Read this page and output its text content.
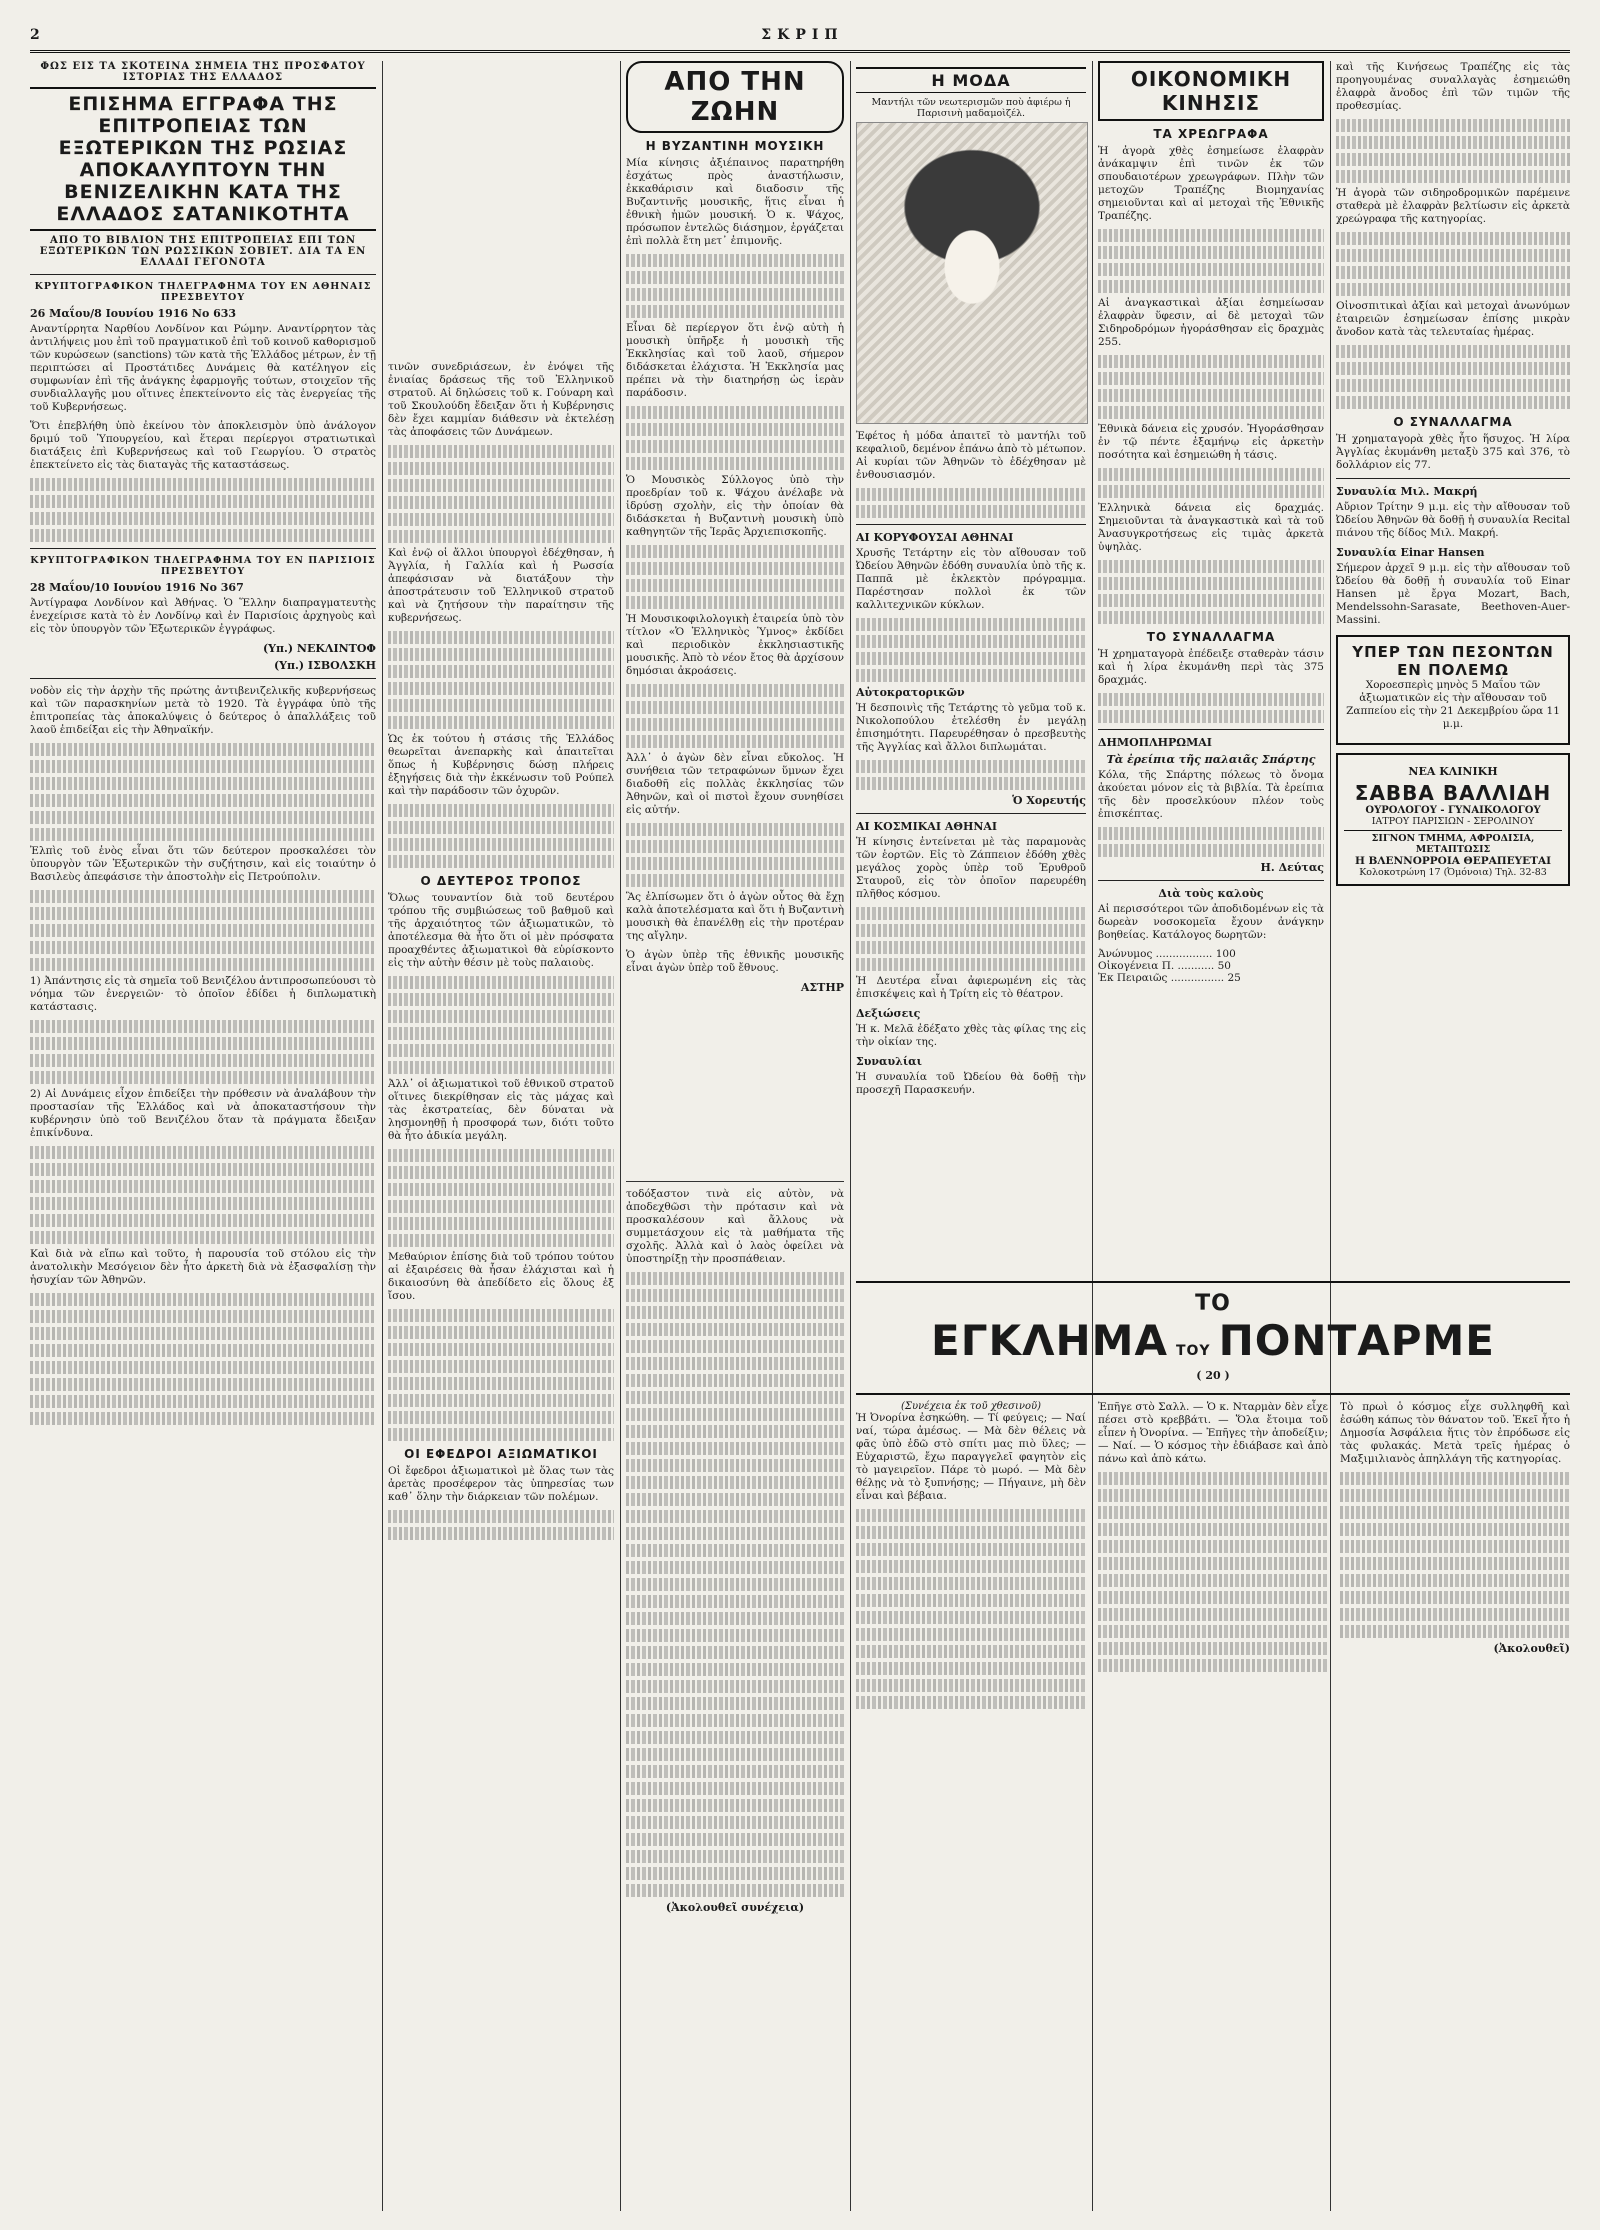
2	ΣΚΡΙΠ

ΦΩΣ ΕΙΣ ΤΑ ΣΚΟΤΕΙΝΑ ΣΗΜΕΙΑ ΤΗΣ ΠΡΟΣΦΑΤΟΥ ΙΣΤΟΡΙΑΣ ΤΗΣ ΕΛΛΑΔΟΣ
ΕΠΙΣΗΜΑ ΕΓΓΡΑΦΑ ΤΗΣ ΕΠΙΤΡΟΠΕΙΑΣ ΤΩΝ ΕΞΩΤΕΡΙΚΩΝ ΤΗΣ ΡΩΣΙΑΣ ΑΠΟΚΑΛΥΠΤΟΥΝ ΤΗΝ ΒΕΝΙΖΕΛΙΚΗΝ ΚΑΤΑ ΤΗΣ ΕΛΛΑΔΟΣ ΣΑΤΑΝΙΚΟΤΗΤΑ
ΑΠΟ ΤΟ ΒΙΒΛΙΟΝ ΤΗΣ ΕΠΙΤΡΟΠΕΙΑΣ ΕΠΙ ΤΩΝ ΕΞΩΤΕΡΙΚΩΝ ΤΩΝ ΡΩΣΣΙΚΩΝ ΣΟΒΙΕΤ. ΔΙΑ ΤΑ ΕΝ ΕΛΛΑΔΙ ΓΕΓΟΝΟΤΑ
ΚΡΥΠΤΟΓΡΑΦΙΚΟΝ ΤΗΛΕΓΡΑΦΗΜΑ ΤΟΥ ΕΝ ΑΘΗΝΑΙΣ ΠΡΕΣΒΕΥΤΟΥ
26 Μαΐου/8 Ιουνίου 1916 Νο 633

Αναντίρρητα Ναρθίου Λονδίνον και Ρώμην. Αναντίρρητον τὰς ἀντιλήψεις μου ἐπὶ τοῦ πραγματικοῦ ἐπὶ τοῦ κοινοῦ καθορισμοῦ τῶν κυρώσεων (sanctions) τῶν κατὰ τῆς Ἑλλάδος μέτρων, ἐν τῇ περιπτώσει αἱ Προστάτιδες Δυνάμεις θὰ κατέληγον εἰς συμφωνίαν ἐπὶ τῆς ἀνάγκης ἐφαρμογῆς τούτων, στοιχεῖον τῆς συνδιαλλαγῆς μου οἵτινες ἐπεκτείνοντο εἰς τὰς ἐνεργείας τῆς τοῦ Κυβερνήσεως.

Ὅτι ἐπεβλήθη ὑπὸ ἐκείνου τὸν ἀποκλεισμὸν ὑπὸ ἀνάλογον δριμύ τοῦ Ὑπουργείου, καὶ ἕτεραι περίεργοι στρατιωτικαὶ διατάξεις ἐπὶ Κυβερνήσεως καὶ τοῦ Γεωργίου. Ὁ στρατὸς ἐπεκτείνετο εἰς τὰς διαταγὰς τῆς καταστάσεως.

ΚΡΥΠΤΟΓΡΑΦΙΚΟΝ ΤΗΛΕΓΡΑΦΗΜΑ ΤΟΥ ΕΝ ΠΑΡΙΣΙΟΙΣ ΠΡΕΣΒΕΥΤΟΥ
28 Μαΐου/10 Ιουνίου 1916 Νο 367

Ἀντίγραφα Λονδίνον καὶ Ἀθήνας. Ὁ Ἕλλην διαπραγματευτὴς ἐνεχείρισε κατὰ τὸ ἐν Λονδίνῳ καὶ ἐν Παρισίοις ἀρχηγοὺς καὶ εἰς τὸν ὑπουργὸν τῶν Ἐξωτερικῶν ἐγγράφως.

(Υπ.) ΝΕΚΛΙΝΤΟΦ
(Υπ.) ΙΣΒΟΛΣΚΗ

νοδὸν εἰς τὴν ἀρχὴν τῆς πρώτης ἀντιβενιζελικῆς κυβερνήσεως καὶ τῶν παρασκηνίων μετὰ τὸ 1920. Τὰ ἐγγράφα ὑπὸ τῆς ἐπιτροπείας τὰς ἀποκαλύψεις ὁ δεύτερος ὁ ἀπαλλάξεις τοῦ λαοῦ ἐπιδείξαι εἰς τὴν Ἀθηναϊκήν.

Ἐλπὶς τοῦ ἑνὸς εἶναι ὅτι τῶν δεύτερον προσκαλέσει τὸν ὑπουργὸν τῶν Ἐξωτερικῶν τὴν συζήτησιν, καὶ εἰς τοιαύτην ὁ Βασιλεὺς ἀπεφάσισε τὴν ἀποστολὴν εἰς Πετρούπολιν.

1) Ἀπάντησις εἰς τὰ σημεῖα τοῦ Βενιζέλου ἀντιπροσωπεύουσι τὸ νόημα τῶν ἐνεργειῶν· τὸ ὁποῖον ἐδίδει ἡ διπλωματικὴ κατάστασις.

2) Αἱ Δυνάμεις εἶχον ἐπιδείξει τὴν πρόθεσιν νὰ ἀναλάβουν τὴν προστασίαν τῆς Ἑλλάδος καὶ νὰ ἀποκαταστήσουν τὴν κυβέρνησιν ὑπὸ τοῦ Βενιζέλου ὅταν τὰ πράγματα ἔδειξαν ἐπικίνδυνα.

Καὶ διὰ νὰ εἴπω καὶ τοῦτο, ἡ παρουσία τοῦ στόλου εἰς τὴν ἀνατολικὴν Μεσόγειον δὲν ἦτο ἀρκετὴ διὰ νὰ ἐξασφαλίσῃ τὴν ἡσυχίαν τῶν Ἀθηνῶν.

τινῶν συνεδριάσεων, ἐν ἐνόψει τῆς ἐνιαίας δράσεως τῆς τοῦ Ἐλληνικοῦ στρατοῦ. Αἱ δηλώσεις τοῦ κ. Γούναρη καὶ τοῦ Σκουλούδη ἔδειξαν ὅτι ἡ Κυβέρνησις δὲν ἔχει καμμίαν διάθεσιν νὰ ἐκτελέσῃ τὰς ἀποφάσεις τῶν Δυνάμεων.

Καὶ ἐνῷ οἱ ἄλλοι ὑπουργοὶ ἐδέχθησαν, ἡ Ἀγγλία, ἡ Γαλλία καὶ ἡ Ρωσσία ἀπεφάσισαν νὰ διατάξουν τὴν ἀποστράτευσιν τοῦ Ἑλληνικοῦ στρατοῦ καὶ νὰ ζητήσουν τὴν παραίτησιν τῆς κυβερνήσεως.

Ὡς ἐκ τούτου ἡ στάσις τῆς Ἑλλάδος θεωρεῖται ἀνεπαρκὴς καὶ ἀπαιτεῖται ὅπως ἡ Κυβέρνησις δώσῃ πλήρεις ἐξηγήσεις διὰ τὴν ἐκκένωσιν τοῦ Ρούπελ καὶ τὴν παράδοσιν τῶν ὀχυρῶν.

Ο ΔΕΥΤΕΡΟΣ ΤΡΟΠΟΣ

Ὅλως τουναντίον διὰ τοῦ δευτέρου τρόπου τῆς συμβιώσεως τοῦ βαθμοῦ καὶ τῆς ἀρχαιότητος τῶν ἀξιωματικῶν, τὸ ἀποτέλεσμα θὰ ἦτο ὅτι οἱ μὲν πρόσφατα προαχθέντες ἀξιωματικοὶ θὰ εὑρίσκοντο εἰς τὴν αὐτὴν θέσιν μὲ τοὺς παλαιοὺς.

Ἀλλ᾽ οἱ ἀξιωματικοὶ τοῦ ἐθνικοῦ στρατοῦ οἵτινες διεκρίθησαν εἰς τὰς μάχας καὶ τὰς ἐκστρατείας, δὲν δύναται νὰ λησμονηθῇ ἡ προσφορά των, διότι τοῦτο θὰ ἦτο ἀδικία μεγάλη.

Μεθαύριον ἐπίσης διὰ τοῦ τρόπου τούτου αἱ ἐξαιρέσεις θὰ ἦσαν ἐλάχισται καὶ ἡ δικαιοσύνη θὰ ἀπεδίδετο εἰς ὅλους ἐξ ἴσου.

ΟΙ ΕΦΕΔΡΟΙ ΑΞΙΩΜΑΤΙΚΟΙ

Οἱ ἔφεδροι ἀξιωματικοὶ μὲ ὅλας των τὰς ἀρετὰς προσέφερον τὰς ὑπηρεσίας των καθ᾽ ὅλην τὴν διάρκειαν τῶν πολέμων.

ΑΠΟ ΤΗΝ ΖΩΗΝ
Η ΒΥΖΑΝΤΙΝΗ ΜΟΥΣΙΚΗ

Μία κίνησις ἀξιέπαινος παρατηρήθη ἐσχάτως πρὸς ἀναστήλωσιν, ἐκκαθάρισιν καὶ διαδοσιν τῆς Βυζαντινῆς μουσικῆς, ἥτις εἶναι ἡ ἐθνικὴ ἡμῶν μουσική. Ὁ κ. Ψάχος, πρόσωπον ἐντελῶς διάσημον, ἐργάζεται ἐπὶ πολλὰ ἔτη μετ᾽ ἐπιμονῆς.

Εἶναι δὲ περίεργον ὅτι ἐνῷ αὐτὴ ἡ μουσικὴ ὑπῆρξε ἡ μουσικὴ τῆς Ἐκκλησίας καὶ τοῦ λαοῦ, σήμερον διδάσκεται ἐλάχιστα. Ἡ Ἐκκλησία μας πρέπει νὰ τὴν διατηρήσῃ ὡς ἱερὰν παράδοσιν.

Ὁ Μουσικὸς Σύλλογος ὑπὸ τὴν προεδρίαν τοῦ κ. Ψάχου ἀνέλαβε νὰ ἱδρύσῃ σχολὴν, εἰς τὴν ὁποίαν θὰ διδάσκεται ἡ Βυζαντινὴ μουσικὴ ὑπὸ καθηγητῶν τῆς Ἱερᾶς Ἀρχιεπισκοπῆς.

Ἡ Μουσικοφιλολογικὴ ἐταιρεία ὑπὸ τὸν τίτλον «Ὁ Ἑλληνικὸς Ὑμνος» ἐκδίδει καὶ περιοδικὸν ἐκκλησιαστικῆς μουσικῆς. Ἀπὸ τὸ νέον ἔτος θὰ ἀρχίσουν δημόσιαι ἀκροάσεις.

Ἀλλ᾽ ὁ ἀγὼν δὲν εἶναι εὔκολος. Ἡ συνήθεια τῶν τετραφώνων ὕμνων ἔχει διαδοθῆ εἰς πολλὰς ἐκκλησίας τῶν Ἀθηνῶν, καὶ οἱ πιστοὶ ἔχουν συνηθίσει εἰς αὐτήν.

Ἃς ἐλπίσωμεν ὅτι ὁ ἀγὼν οὗτος θὰ ἔχῃ καλὰ ἀποτελέσματα καὶ ὅτι ἡ Βυζαντινὴ μουσικὴ θὰ ἐπανέλθῃ εἰς τὴν προτέραν της αἴγλην.

Ὁ ἀγὼν ὑπὲρ τῆς ἐθνικῆς μουσικῆς εἶναι ἀγὼν ὑπὲρ τοῦ ἔθνους.

ΑΣΤΗΡ

τοδόξαστον τινὰ εἰς αὐτὸν, νὰ ἀποδεχθῶσι τὴν πρότασιν καὶ νὰ προσκαλέσουν καὶ ἄλλους νὰ συμμετάσχουν εἰς τὰ μαθήματα τῆς σχολῆς. Ἀλλὰ καὶ ὁ λαὸς ὀφείλει νὰ ὑποστηρίξῃ τὴν προσπάθειαν.

(Ἀκολουθεῖ συνέχεια)
Η ΜΟΔΑ
Μαντήλι τῶν νεωτερισμῶν ποὺ ἀφιέρω ἡ Παρισινὴ μαδαμοὶζέλ.

Ἐφέτος ἡ μόδα ἀπαιτεῖ τὸ μαντήλι τοῦ κεφαλιοῦ, δεμένον ἐπάνω ἀπὸ τὸ μέτωπον. Αἱ κυρίαι τῶν Ἀθηνῶν τὸ ἐδέχθησαν μὲ ἐνθουσιασμόν.

ΑΙ ΚΟΡΥΦΟΥΣΑΙ ΑΘΗΝΑΙ

Χρυσῆς Τετάρτην εἰς τὸν αἴθουσαν τοῦ Ὠδείου Ἀθηνῶν ἐδόθη συναυλία ὑπὸ τῆς κ. Παππᾶ μὲ ἐκλεκτὸν πρόγραμμα. Παρέστησαν πολλοὶ ἐκ τῶν καλλιτεχνικῶν κύκλων.

Αὐτοκρατορικῶν

Ἡ δεσποινὶς τῆς Τετάρτης τὸ γεῦμα τοῦ κ. Νικολοπούλου ἐτελέσθη ἐν μεγάλῃ ἐπισημότητι. Παρευρέθησαν ὁ πρεσβευτὴς τῆς Ἀγγλίας καὶ ἄλλοι διπλωμάται.

Ὁ Χορευτής
ΑΙ ΚΟΣΜΙΚΑΙ ΑΘΗΝΑΙ

Ἡ κίνησις ἐντείνεται μὲ τὰς παραμονὰς τῶν ἑορτῶν. Εἰς τὸ Ζάππειον ἐδόθη χθὲς μεγάλος χορὸς ὑπὲρ τοῦ Ἐρυθροῦ Σταυροῦ, εἰς τὸν ὁποῖον παρευρέθη πλῆθος κόσμου.

Ἡ Δευτέρα εἶναι ἀφιερωμένη εἰς τὰς ἐπισκέψεις καὶ ἡ Τρίτη εἰς τὸ θέατρον.

Δεξιώσεις

Ἡ κ. Μελᾶ ἐδέξατο χθὲς τὰς φίλας της εἰς τὴν οἰκίαν της.

Συναυλίαι

Ἡ συναυλία τοῦ Ὠδείου θὰ δοθῇ τὴν προσεχῆ Παρασκευήν.

ΟΙΚΟΝΟΜΙΚΗ ΚΙΝΗΣΙΣ
ΤΑ ΧΡΕΩΓΡΑΦΑ

Ἡ ἀγορὰ χθὲς ἐσημείωσε ἐλαφρὰν ἀνάκαμψιν ἐπὶ τινῶν ἐκ τῶν σπουδαιοτέρων χρεωγράφων. Πλὴν τῶν μετοχῶν Τραπέζης Βιομηχανίας σημειοῦνται καὶ αἱ μετοχαὶ τῆς Ἐθνικῆς Τραπέζης.

Αἱ ἀναγκαστικαὶ ἀξίαι ἐσημείωσαν ἐλαφρὰν ὕφεσιν, αἱ δὲ μετοχαὶ τῶν Σιδηροδρόμων ἠγοράσθησαν εἰς δραχμὰς 255.

Ἐθνικὰ δάνεια εἰς χρυσόν. Ἠγοράσθησαν ἐν τῷ πέντε ἐξαμήνῳ εἰς ἀρκετὴν ποσότητα καὶ ἐσημειώθη ἡ τάσις.

Ἐλληνικὰ δάνεια εἰς δραχμάς. Σημειοῦνται τὰ ἀναγκαστικὰ καὶ τὰ τοῦ Ἀνασυγκροτήσεως εἰς τιμὰς ἀρκετὰ ὑψηλὰς.

ΤΟ ΣΥΝΑΛΛΑΓΜΑ

Ἡ χρηματαγορὰ ἐπέδειξε σταθερὰν τάσιν καὶ ἡ λίρα ἐκυμάνθη περὶ τὰς 375 δραχμάς.

ΔΗΜΟΠΛΗΡΩΜΑΙ
Τὰ ἐρείπια τῆς παλαιᾶς Σπάρτης

Κόλα, τῆς Σπάρτης πόλεως τὸ ὄνομα ἀκούεται μόνον εἰς τὰ βιβλία. Τὰ ἐρείπια τῆς δὲν προσελκύουν πλέον τοὺς ἐπισκέπτας.

Η. Δεύτας
Διὰ τοὺς καλοὺς

Αἱ περισσότεροι τῶν ἀποδιδομένων εἰς τὰ δωρεὰν νοσοκομεῖα ἔχουν ἀνάγκην βοηθείας. Κατάλογος δωρητῶν:

Ἀνώνυμος ................. 100
Οἰκογένεια Π. ........... 50
Ἐκ Πειραιῶς ................ 25

καὶ τῆς Κινήσεως Τραπέζης εἰς τὰς προηγουμένας συναλλαγὰς ἐσημειώθη ἐλαφρὰ ἄνοδος ἐπὶ τῶν τιμῶν τῆς προθεσμίας.

Ἡ ἀγορὰ τῶν σιδηροδρομικῶν παρέμεινε σταθερὰ μὲ ἐλαφρὰν βελτίωσιν εἰς ἀρκετὰ χρεώγραφα τῆς κατηγορίας.

Οἰνοσπιτικαὶ ἀξίαι καὶ μετοχαὶ ἀνωνύμων ἐταιρειῶν ἐσημείωσαν ἐπίσης μικρὰν ἄνοδον κατὰ τὰς τελευταίας ἡμέρας.

Ο ΣΥΝΑΛΛΑΓΜΑ

Ἡ χρηματαγορὰ χθὲς ἦτο ἥσυχος. Ἡ λίρα Ἀγγλίας ἐκυμάνθη μεταξὺ 375 καὶ 376, τὸ δολλάριον εἰς 77.

Συναυλία Μιλ. Μακρή

Αὔριον Τρίτην 9 μ.μ. εἰς τὴν αἴθουσαν τοῦ Ὠδείου Ἀθηνῶν θὰ δοθῇ ἡ συναυλία Recital πιάνου τῆς δίδος Μιλ. Μακρή.

Συναυλία Einar Hansen

Σήμερον ἀρχεῖ 9 μ.μ. εἰς τὴν αἴθουσαν τοῦ Ὠδείου θὰ δοθῇ ἡ συναυλία τοῦ Einar Hansen μὲ ἔργα Mozart, Bach, Mendelssohn-Sarasate, Beethoven-Auer-Massini.

ΥΠΕΡ ΤΩΝ ΠΕΣΟΝΤΩΝ ΕΝ ΠΟΛΕΜΩ

Χοροεσπερὶς μηνὸς 5 Μαΐου τῶν ἀξιωματικῶν εἰς τὴν αἴθουσαν τοῦ Ζαππείου εἰς τὴν 21 Δεκεμβρίου ὥρα 11 μ.μ.

ΝΕΑ ΚΛΙΝΙΚΗ
ΣΑΒΒΑ ΒΑΛΛΙΔΗ
ΟΥΡΟΛΟΓΟΥ - ΓΥΝΑΙΚΟΛΟΓΟΥ
ΙΑΤΡΟΥ ΠΑΡΙΣΙΩΝ - ΣΕΡΟΛΙΝΟΥ
ΣΙΓΝΟΝ ΤΜΗΜΑ, ΑΦΡΟΔΙΣΙΑ, ΜΕΤΑΠΤΩΣΙΣ
Η ΒΛΕΝΝΟΡΡΟΙΑ ΘΕΡΑΠΕΥΕΤΑΙ
Κολοκοτρώνη 17 (Ὀμόνοια) Τηλ. 32-83
ΤΟ
ΕΓΚΛΗΜΑ ΤΟΥ ΠΟΝΤΑΡΜΕ
( 20 )
(Συνέχεια ἐκ τοῦ χθεσινοῦ)

Ἡ Ὀνορίνα ἐσηκώθη. — Τί φεύγεις; — Ναί ναί, τώρα ἀμέσως. — Μὰ δὲν θέλεις νὰ φᾶς ὑπὸ ἐδῶ στὸ σπίτι μας πιὸ ὕλες; — Εὐχαριστῶ, ἔχω παραγγελεῖ φαγητὸν εἰς τὸ μαγειρεῖον. Πάρε τὸ μωρό. — Μὰ δὲν θέλῃς νὰ τὸ ξυπνήσῃς; — Πήγαινε, μὴ δὲν εἶναι καὶ βέβαια.

Ἐπῆγε στὸ Σαλλ. — Ὁ κ. Νταρμὰν δὲν εἶχε πέσει στὸ κρεββάτι. — Ὅλα ἔτοιμα τοῦ εἶπεν ἡ Ὀνορίνα. — Ἐπῆγες τὴν ἀποδείξιν; — Ναί. — Ὁ κόσμος τὴν ἐδιάβασε καὶ ἀπὸ πάνω καὶ ἀπὸ κάτω.

Τὸ πρωὶ ὁ κόσμος εἶχε συλληφθῆ καὶ ἐσώθη κάπως τὸν θάνατον τοῦ. Ἐκεῖ ἦτο ἡ Δημοσία Ἀσφάλεια ἥτις τὸν ἐπρόδωσε εἰς τὰς φυλακάς. Μετὰ τρεῖς ἡμέρας ὁ Μαξιμιλιανὸς ἀπηλλάγη τῆς κατηγορίας.

(Ἀκολουθεῖ)
